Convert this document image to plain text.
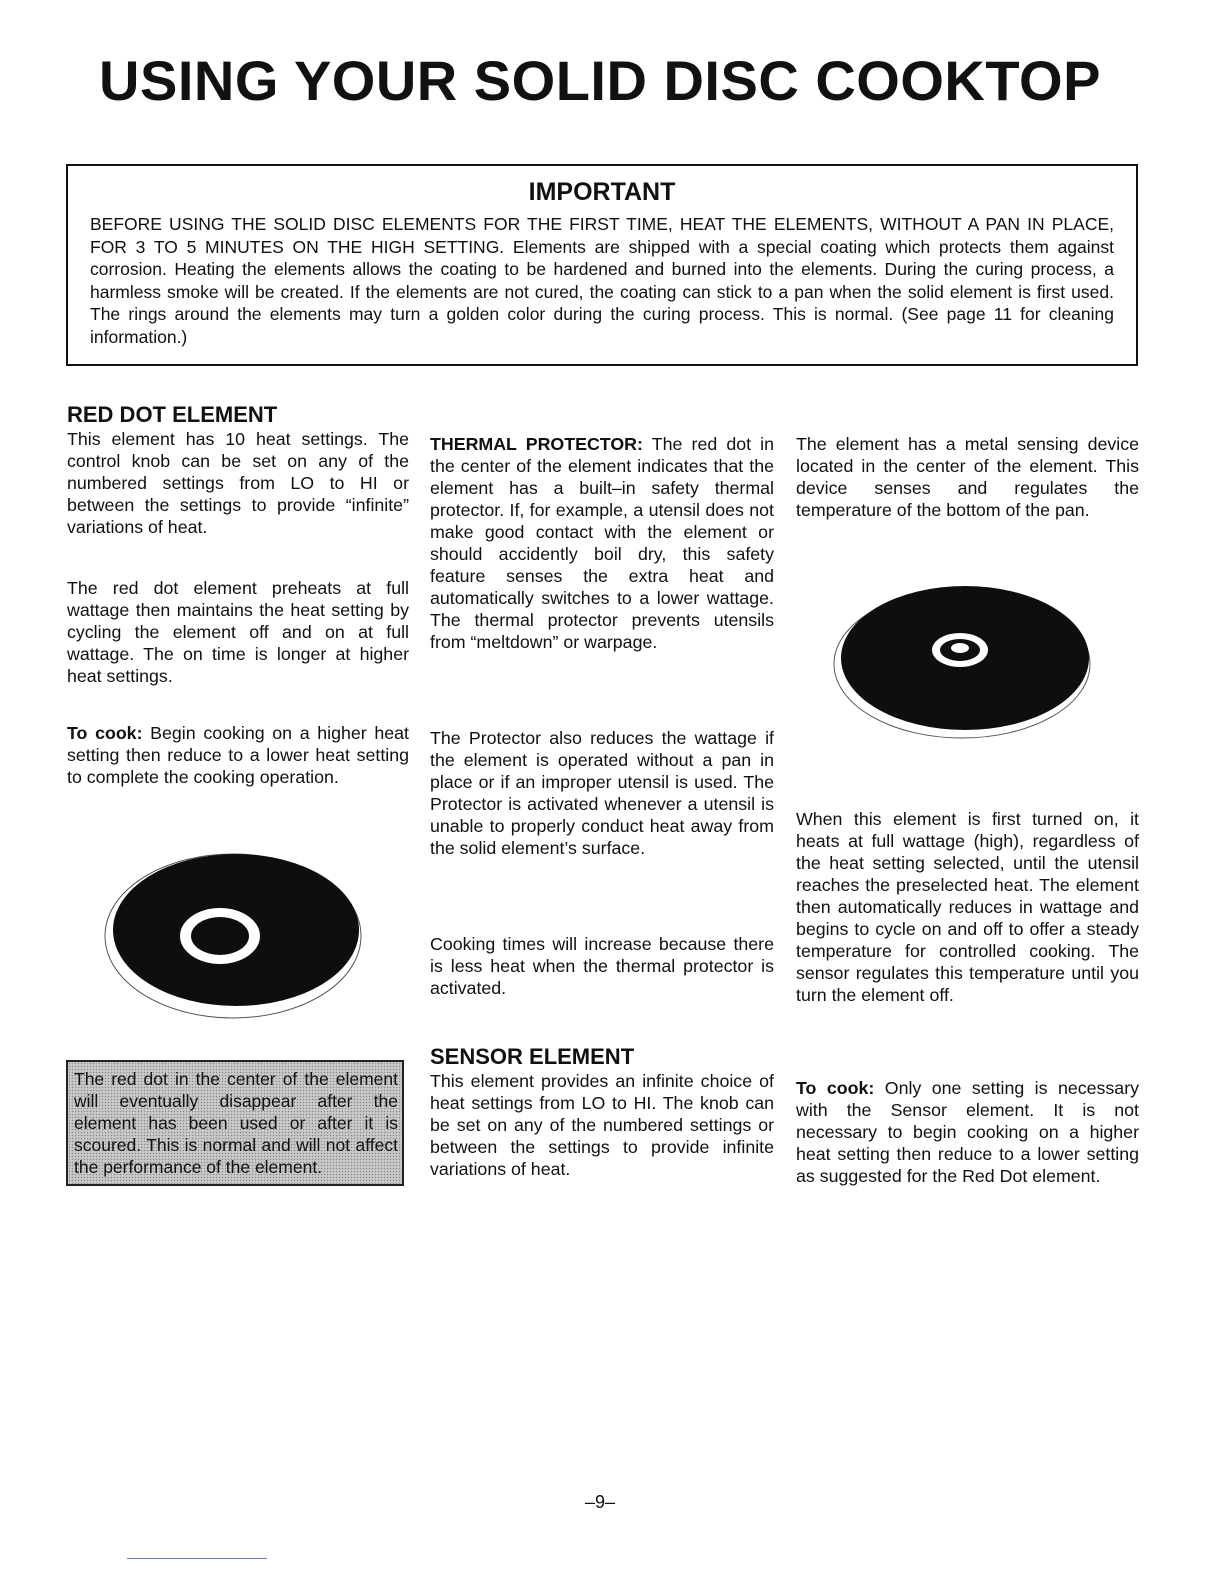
USING YOUR SOLID DISC COOKTOP
IMPORTANT

BEFORE USING THE SOLID DISC ELEMENTS FOR THE FIRST TIME, HEAT THE ELEMENTS, WITHOUT A PAN IN PLACE, FOR 3 TO 5 MINUTES ON THE HIGH SETTING. Elements are shipped with a special coating which protects them against corrosion. Heating the elements allows the coating to be hardened and burned into the elements. During the curing process, a harmless smoke will be created. If the elements are not cured, the coating can stick to a pan when the solid element is first used. The rings around the elements may turn a golden color during the curing process. This is normal. (See page 11 for cleaning information.)

RED DOT ELEMENT

This element has 10 heat settings. The control knob can be set on any of the numbered settings from LO to HI or between the settings to provide “infinite” variations of heat.

The red dot element preheats at full wattage then maintains the heat setting by cycling the element off and on at full wattage. The on time is longer at higher heat settings.

To cook: Begin cooking on a higher heat setting then reduce to a lower heat setting to complete the cooking operation.

The red dot in the center of the element will eventually disappear after the element has been used or after it is scoured. This is normal and will not affect the performance of the element.

THERMAL PROTECTOR: The red dot in the center of the element indicates that the element has a built–in safety thermal protector. If, for example, a utensil does not make good contact with the element or should accidently boil dry, this safety feature senses the extra heat and automatically switches to a lower wattage. The thermal protector prevents utensils from “meltdown” or warpage.

The Protector also reduces the wattage if the element is operated without a pan in place or if an improper utensil is used. The Protector is activated whenever a utensil is unable to properly conduct heat away from the solid element’s surface.

Cooking times will increase because there is less heat when the thermal protector is activated.

SENSOR ELEMENT

This element provides an infinite choice of heat settings from LO to HI. The knob can be set on any of the numbered settings or between the settings to provide infinite variations of heat.

The element has a metal sensing device located in the center of the element. This device senses and regulates the temperature of the bottom of the pan.

When this element is first turned on, it heats at full wattage (high), regardless of the heat setting selected, until the utensil reaches the preselected heat. The element then automatically reduces in wattage and begins to cycle on and off to offer a steady temperature for controlled cooking. The sensor regulates this temperature until you turn the element off.

To cook: Only one setting is necessary with the Sensor element. It is not necessary to begin cooking on a higher heat setting then reduce to a lower setting as suggested for the Red Dot element.

–9–
